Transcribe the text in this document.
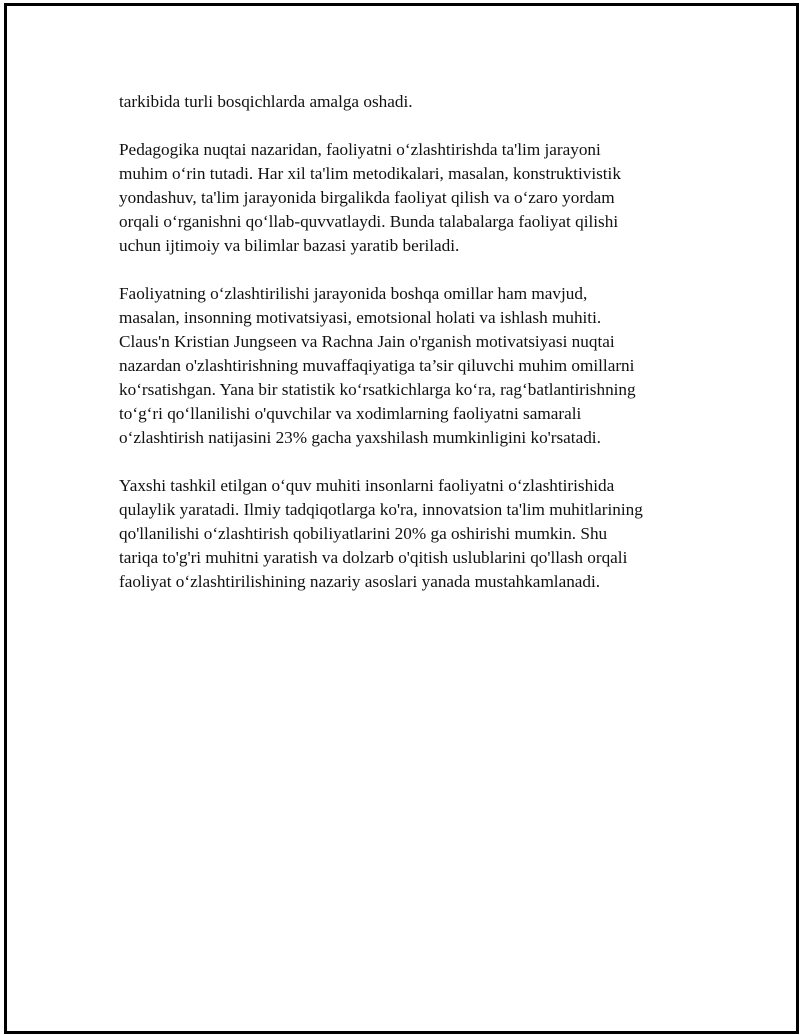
tarkibida turli bosqichlarda amalga oshadi.

Pedagogika nuqtai nazaridan, faoliyatni o‘zlashtirishda ta'lim jarayoni
muhim o‘rin tutadi. Har xil ta'lim metodikalari, masalan, konstruktivistik
yondashuv, ta'lim jarayonida birgalikda faoliyat qilish va o‘zaro yordam
orqali o‘rganishni qo‘llab-quvvatlaydi. Bunda talabalarga faoliyat qilishi
uchun ijtimoiy va bilimlar bazasi yaratib beriladi.

Faoliyatning o‘zlashtirilishi jarayonida boshqa omillar ham mavjud,
masalan, insonning motivatsiyasi, emotsional holati va ishlash muhiti.
Claus'n Kristian Jungseen va Rachna Jain o'rganish motivatsiyasi nuqtai
nazardan o'zlashtirishning muvaffaqiyatiga ta’sir qiluvchi muhim omillarni
ko‘rsatishgan. Yana bir statistik ko‘rsatkichlarga ko‘ra, rag‘batlantirishning
to‘g‘ri qo‘llanilishi o'quvchilar va xodimlarning faoliyatni samarali
o‘zlashtirish natijasini 23% gacha yaxshilash mumkinligini ko'rsatadi.

Yaxshi tashkil etilgan o‘quv muhiti insonlarni faoliyatni o‘zlashtirishida
qulaylik yaratadi. Ilmiy tadqiqotlarga ko'ra, innovatsion ta'lim muhitlarining
qo'llanilishi o‘zlashtirish qobiliyatlarini 20% ga oshirishi mumkin. Shu
tariqa to'g'ri muhitni yaratish va dolzarb o'qitish uslublarini qo'llash orqali
faoliyat o‘zlashtirilishining nazariy asoslari yanada mustahkamlanadi.
